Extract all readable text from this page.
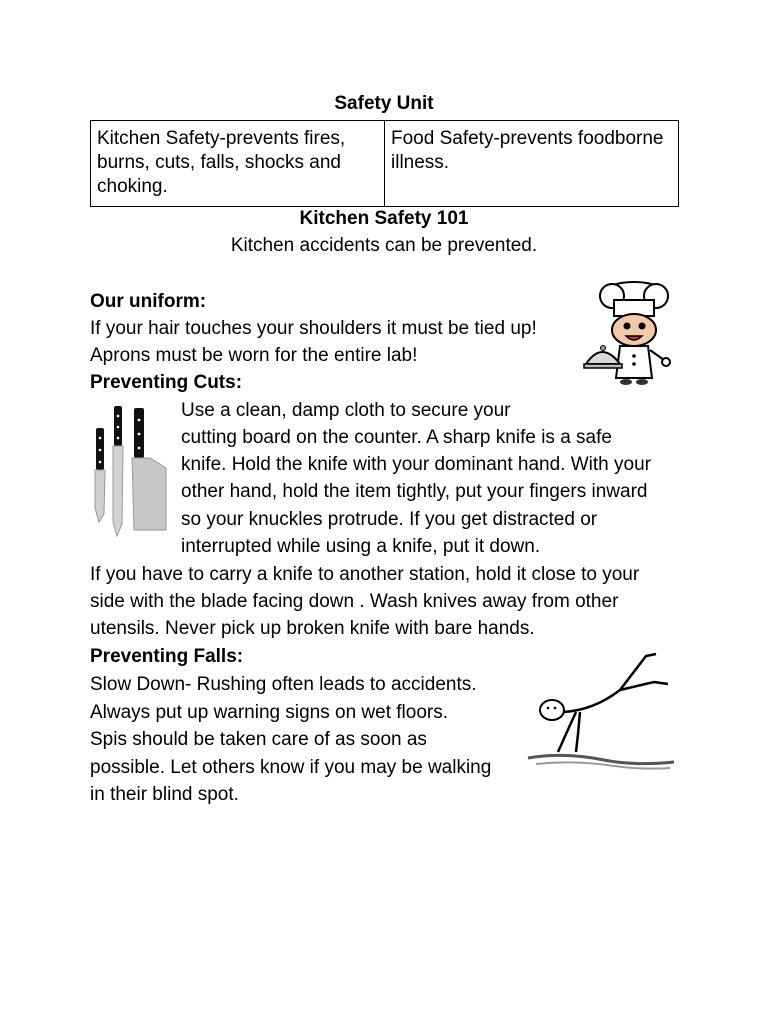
Safety Unit
Kitchen Safety-prevents fires, burns, cuts, falls, shocks and choking.
Food Safety-prevents foodborne illness.
Kitchen Safety 101
Kitchen accidents can be prevented.
Our uniform:
If your hair touches your shoulders it must be tied up!
Aprons must be worn for the entire lab!
Preventing Cuts:
Use a clean, damp cloth to secure your
cutting board on the counter. A sharp knife is a safe
knife. Hold the knife with your dominant hand. With your
other hand, hold the item tightly, put your fingers inward
so your knuckles protrude. If you get distracted or
interrupted while using a knife, put it down.
If you have to carry a knife to another station, hold it close to your
side with the blade facing down . Wash knives away from other
utensils. Never pick up broken knife with bare hands.
Preventing Falls:
Slow Down- Rushing often leads to accidents.
Always put up warning signs on wet floors.
Spis should be taken care of as soon as
possible. Let others know if you may be walking
in their blind spot.
